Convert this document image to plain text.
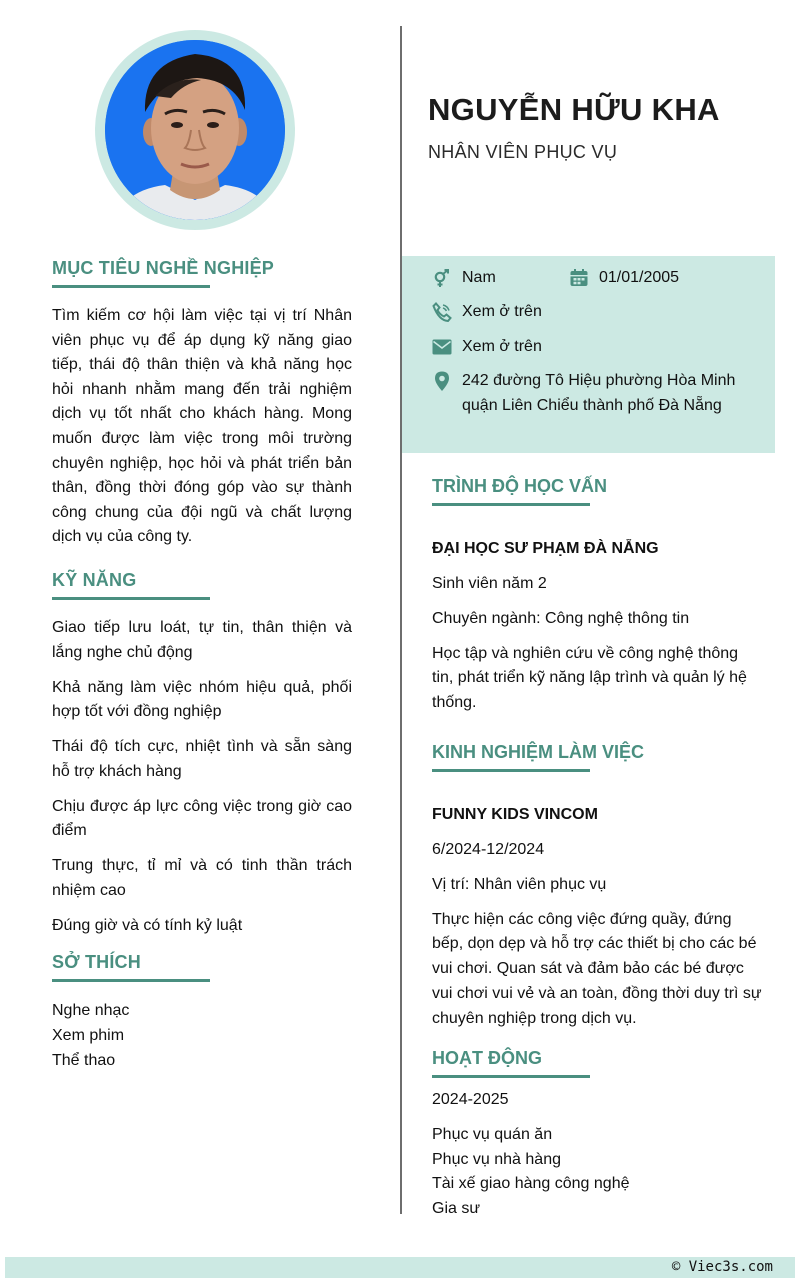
MỤC TIÊU NGHỀ NGHIỆP
Tìm kiếm cơ hội làm việc tại vị trí Nhân viên phục vụ để áp dụng kỹ năng giao tiếp, thái độ thân thiện và khả năng học hỏi nhanh nhằm mang đến trải nghiệm dịch vụ tốt nhất cho khách hàng. Mong muốn được làm việc trong môi trường chuyên nghiệp, học hỏi và phát triển bản thân, đồng thời đóng góp vào sự thành công chung của đội ngũ và chất lượng dịch vụ của công ty.
KỸ NĂNG
Giao tiếp lưu loát, tự tin, thân thiện và lắng nghe chủ động
Khả năng làm việc nhóm hiệu quả, phối hợp tốt với đồng nghiệp
Thái độ tích cực, nhiệt tình và sẵn sàng hỗ trợ khách hàng
Chịu được áp lực công việc trong giờ cao điểm
Trung thực, tỉ mỉ và có tinh thần trách nhiệm cao
Đúng giờ và có tính kỷ luật
SỞ THÍCH
Nghe nhạc
Xem phim
Thể thao
NGUYỄN HỮU KHA
NHÂN VIÊN PHỤC VỤ
Nam	01/01/2005
Xem ở trên
Xem ở trên
242 đường Tô Hiệu phường Hòa Minh quận Liên Chiểu thành phố Đà Nẵng
TRÌNH ĐỘ HỌC VẤN
ĐẠI HỌC SƯ PHẠM ĐÀ NẴNG
Sinh viên năm 2
Chuyên ngành: Công nghệ thông tin
Học tập và nghiên cứu về công nghệ thông tin, phát triển kỹ năng lập trình và quản lý hệ thống.
KINH NGHIỆM LÀM VIỆC
FUNNY KIDS VINCOM
6/2024-12/2024
Vị trí: Nhân viên phục vụ
Thực hiện các công việc đứng quầy, đứng bếp, dọn dẹp và hỗ trợ các thiết bị cho các bé vui chơi. Quan sát và đảm bảo các bé được vui chơi vui vẻ và an toàn, đồng thời duy trì sự chuyên nghiệp trong dịch vụ.
HOẠT ĐỘNG
2024-2025
Phục vụ quán ăn
Phục vụ nhà hàng
Tài xế giao hàng công nghệ
Gia sư
© Viec3s.com
